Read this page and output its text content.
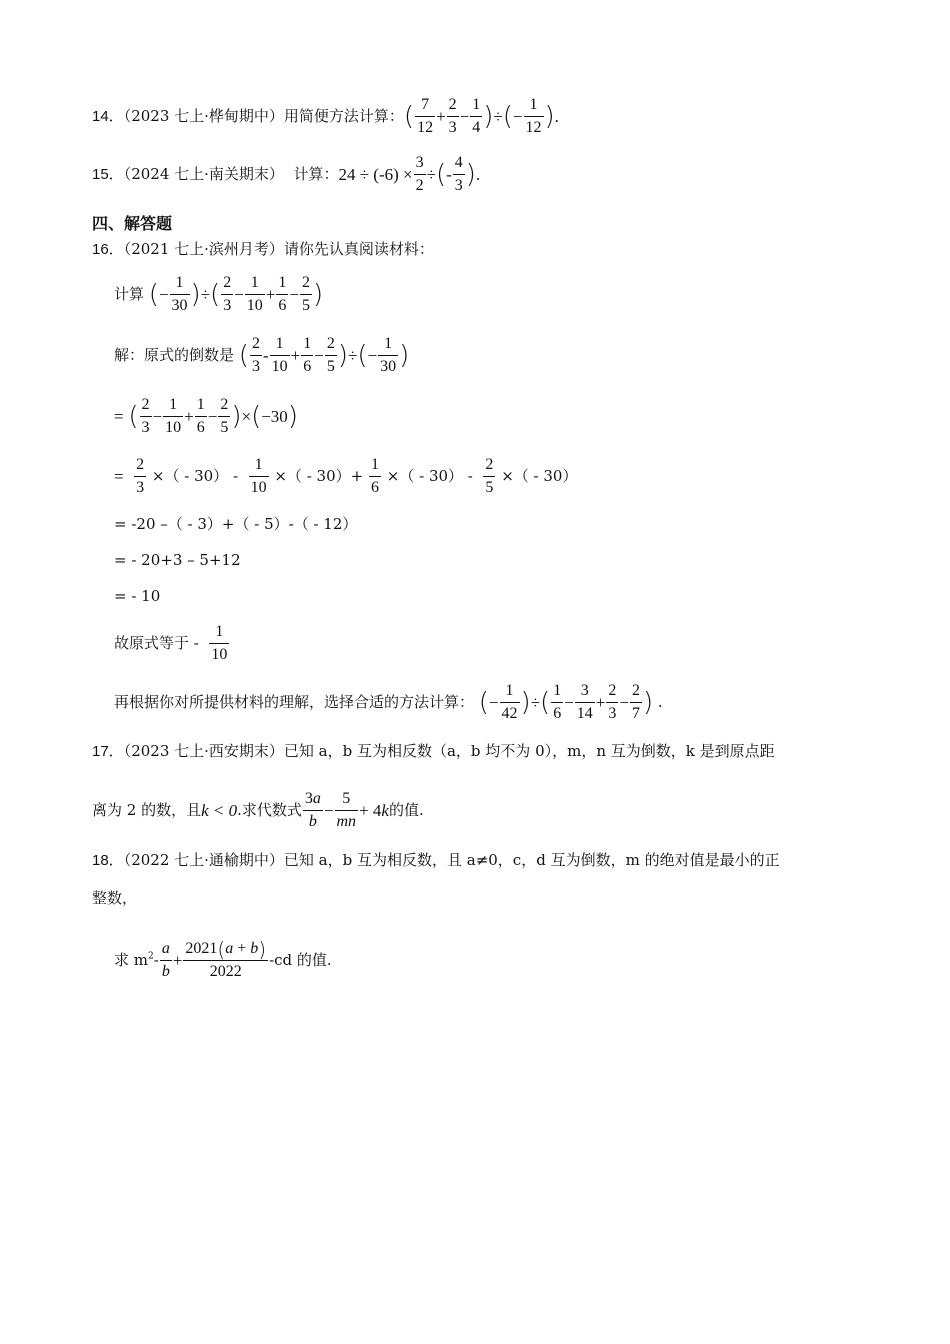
14．（2023 七上·桦甸期中）用简便方法计算：( $\frac{7}{12} + \frac{2}{3} - \frac{1}{4}$ )÷(− $\frac{1}{12}$ ).
15．（2024 七上·南关期末） 计算：$24 \div (-6) \times \frac{3}{2}$ ÷(- $\frac{4}{3}$ ).
四、解答题
16．（2021 七上·滨州月考）请你先认真阅读材料：
计算 (− $\frac{1}{30}$ )÷( $\frac{2}{3} - \frac{1}{10} + \frac{1}{6} - \frac{2}{5}$ )
解：原式的倒数是 ( $\frac{2}{3} - \frac{1}{10} + \frac{1}{6} - \frac{2}{5}$ )÷(− $\frac{1}{30}$ )
= ( $\frac{2}{3} - \frac{1}{10} + \frac{1}{6} - \frac{2}{5} )\times(-30)$
= $\frac{2}{3}$ ×（ - $30) - \frac{1}{10}$ ×（ - $30)+ \frac{1}{6}$ ×（ - $30) - \frac{2}{5}$ ×（ - 30）
= -20 –（ - 3）+（ - 5）-（ - 12）
= - 20+3 – 5+12
= - 10
故原式等于 - $\frac{1}{10}$
再根据你对所提供材料的理解，选择合适的方法计算： (− $\frac{1}{42}$ )÷( $\frac{1}{6} - \frac{3}{14} + \frac{2}{3} - \frac{2}{7}$ ) .
17．（2023 七上·西安期末）已知 a，b 互为相反数（a，b 均不为 0），m，n 互为倒数，k 是到原点距
离为 2 的数，且k < 0.求代数式 $\frac{3a}{b} - \frac{5}{mn} + 4k$的值.
18．（2022 七上·通榆期中）已知 a，b 互为相反数，且 a≠0，c，d 互为倒数，m 的绝对值是最小的正
整数，
求 $m^2- \frac{a}{b} + \frac{2021(a + b)}{2022} -cd$ 的值.
